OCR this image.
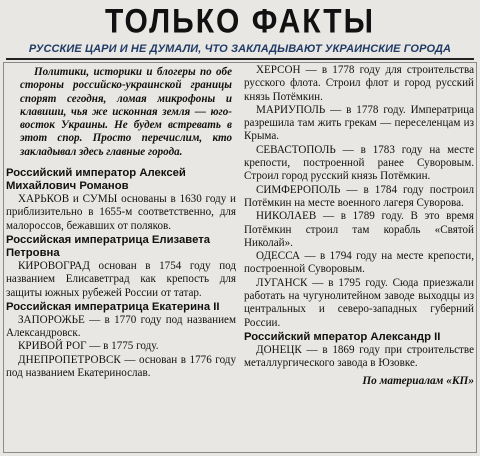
ТОЛЬКО ФАКТЫ
РУССКИЕ ЦАРИ И НЕ ДУМАЛИ, ЧТО ЗАКЛАДЫВАЮТ УКРАИНСКИЕ ГОРОДА

Политики, историки и блогеры по обе стороны российско-украинской границы спорят сегодня, ломая микрофоны и клавиши, чья же исконная земля — юго-восток Украины. Не будем встревать в этот спор. Просто перечислим, кто закладывал здесь главные города.

Российский император Алексей Михайлович Романов

ХАРЬКОВ и СУМЫ основаны в 1630 году и приблизительно в 1655-м соответственно, для малороссов, бежавших от поляков.

Российская императрица Елизавета Петровна

КИРОВОГРАД основан в 1754 году под названием Елисаветград как крепость для защиты южных рубежей России от татар.

Российская императрица Екатерина II

ЗАПОРОЖЬЕ — в 1770 году под названием Александровск.

КРИВОЙ РОГ — в 1775 году.

ДНЕПРОПЕТРОВСК — основан в 1776 году под названием Екатеринослав.

ХЕРСОН — в 1778 году для строительства русского флота. Строил флот и город русский князь Потёмкин.

МАРИУПОЛЬ — в 1778 году. Императрица разрешила там жить грекам — переселенцам из Крыма.

СЕВАСТОПОЛЬ — в 1783 году на месте крепости, построенной ранее Суворовым. Строил город русский князь Потёмкин.

СИМФЕРОПОЛЬ — в 1784 году построил Потёмкин на месте военного лагеря Суворова.

НИКОЛАЕВ — в 1789 году. В это время Потёмкин строил там корабль «Святой Николай».

ОДЕССА — в 1794 году на месте крепости, построенной Суворовым.

ЛУГАНСК — в 1795 году. Сюда приезжали работать на чугунолитейном заводе выходцы из центральных и северо-западных губерний России.

Российский мператор Александр II

ДОНЕЦК — в 1869 году при строительстве металлургического завода в Юзовке.

По материалам «КП»
